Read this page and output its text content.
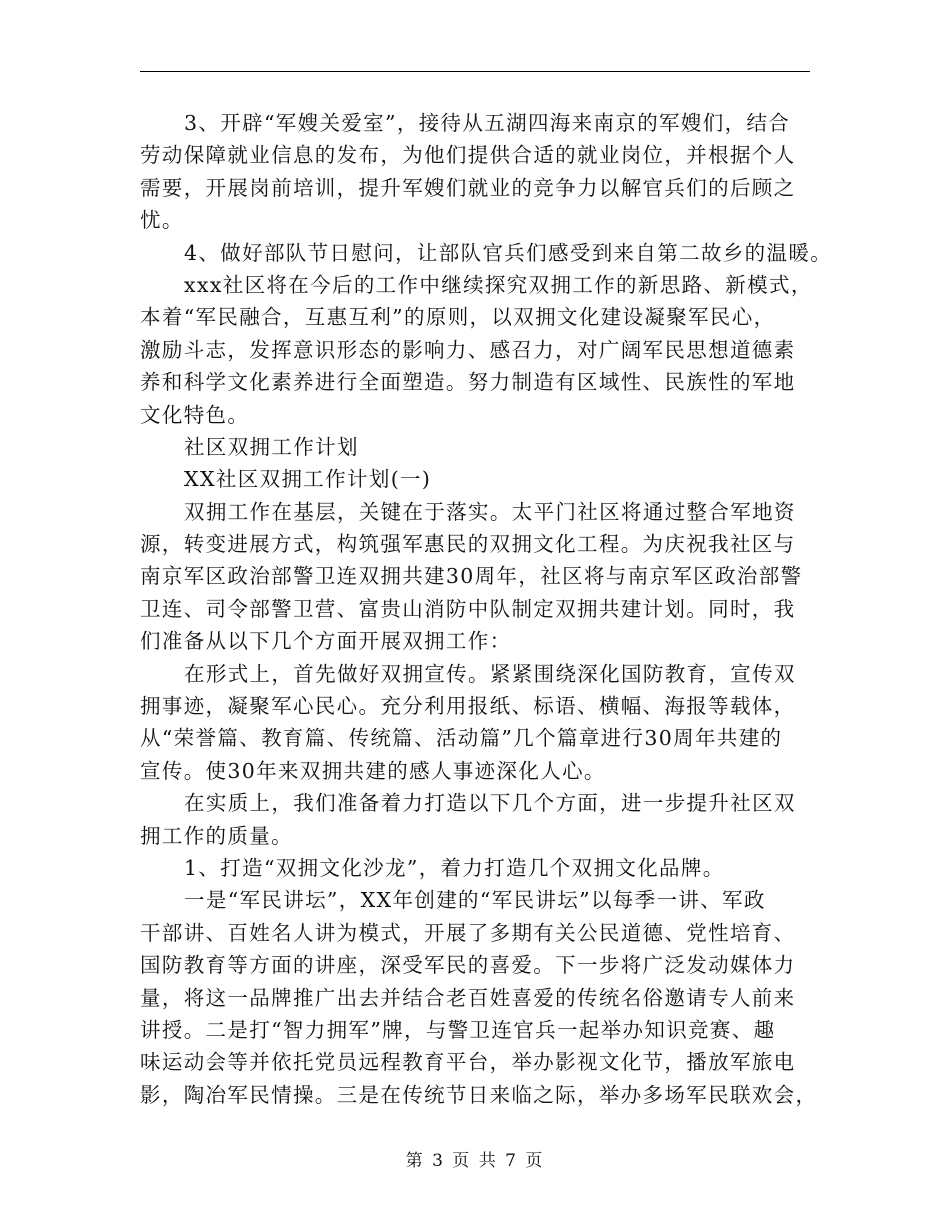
3、开辟“军嫂关爱室”，接待从五湖四海来南京的军嫂们，结合
劳动保障就业信息的发布，为他们提供合适的就业岗位，并根据个人
需要，开展岗前培训，提升军嫂们就业的竞争力以解官兵们的后顾之
忧。
4、做好部队节日慰问，让部队官兵们感受到来自第二故乡的温暖。
xxx社区将在今后的工作中继续探究双拥工作的新思路、新模式，
本着“军民融合，互惠互利”的原则，以双拥文化建设凝聚军民心，
激励斗志，发挥意识形态的影响力、感召力，对广阔军民思想道德素
养和科学文化素养进行全面塑造。努力制造有区域性、民族性的军地
文化特色。
社区双拥工作计划
XX社区双拥工作计划(一)
双拥工作在基层，关键在于落实。太平门社区将通过整合军地资
源，转变进展方式，构筑强军惠民的双拥文化工程。为庆祝我社区与
南京军区政治部警卫连双拥共建30周年，社区将与南京军区政治部警
卫连、司令部警卫营、富贵山消防中队制定双拥共建计划。同时，我
们准备从以下几个方面开展双拥工作：
在形式上，首先做好双拥宣传。紧紧围绕深化国防教育，宣传双
拥事迹，凝聚军心民心。充分利用报纸、标语、横幅、海报等载体，
从“荣誉篇、教育篇、传统篇、活动篇”几个篇章进行30周年共建的
宣传。使30年来双拥共建的感人事迹深化人心。
在实质上，我们准备着力打造以下几个方面，进一步提升社区双
拥工作的质量。
1、打造“双拥文化沙龙”，着力打造几个双拥文化品牌。
一是“军民讲坛”，XX年创建的“军民讲坛”以每季一讲、军政
干部讲、百姓名人讲为模式，开展了多期有关公民道德、党性培育、
国防教育等方面的讲座，深受军民的喜爱。下一步将广泛发动媒体力
量，将这一品牌推广出去并结合老百姓喜爱的传统名俗邀请专人前来
讲授。二是打“智力拥军”牌，与警卫连官兵一起举办知识竞赛、趣
味运动会等并依托党员远程教育平台，举办影视文化节，播放军旅电
影，陶冶军民情操。三是在传统节日来临之际，举办多场军民联欢会，
第 3 页 共 7 页
